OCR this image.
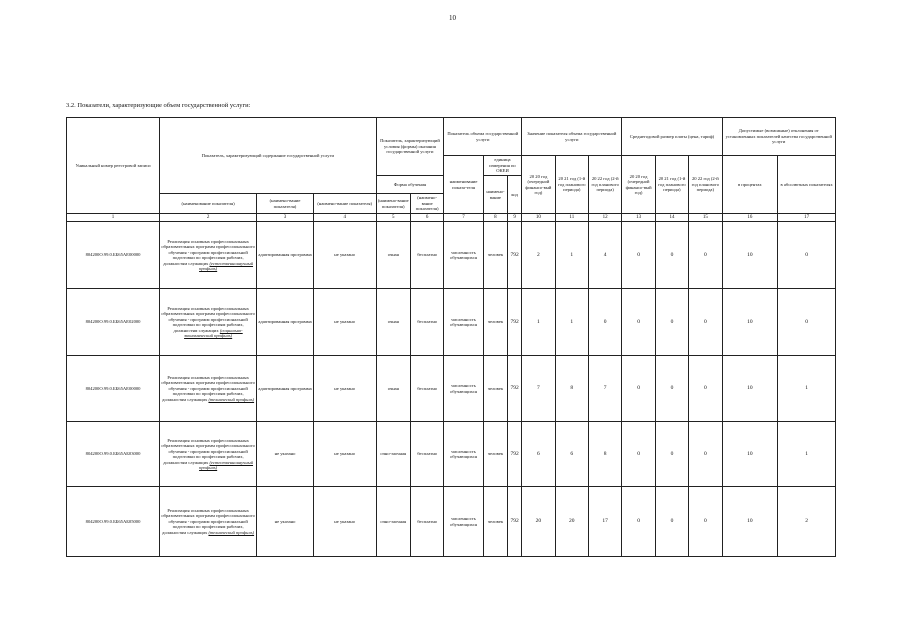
10
3.2. Показатели, характеризующие объем государственной услуги:
Уникальный номер реестровой записи	Показатель, характеризующий содержание государственной услуги			Показатель, характеризующий условия (формы) оказания государственной услуги		Показатель объема государственной услуги			Значение показателя объема государственной услуги			Среднегодовой размер платы (цена, тариф)			Допустимые (возможные) отклонения от установленных показателей качества государственной услуги	
						наименование показа-теля	единица измерения по ОКЕИ		20 20 год (очередной финансо-вый год)	20 21 год (1-й год планового периода)	20 22 год (2-й год планового периода)	20 20 год (очередной финансо-вый год)	20 21 год (1-й год планового периода)	20 22 год (2-й год планового периода)	в процентах	в абсолютных показателях
				Форма обучения			наимено-вание	код								
	(наименование показателя)	(наимено-вание показателя)	(наимено-вание показателя)	(наимено-вание показателя)	(наимено-вание показателя)											
1	2	3	4	5	6	7	8	9	10	11	12	13	14	15	16	17
804200О.99.0.ББ65АЕ00000	Реализация основных профессиональных образовательных программ профессионального обучения - программ профессиональной подготовки по профессиям рабочих, должностям служащих (естественнонаучный профиль)	адаптированная программа	не указано	очная	бесплатно	численность обучающихся	человек	792	2	1	4	0	0	0	10	0
804200О.99.0.ББ65АЕ02000	Реализация основных профессиональных образовательных программ профессионального обучения - программ профессиональной подготовки по профессиям рабочих, должностям служащих (социально-экономический профиль)	адаптированная программа	не указано	очная	бесплатно	численность обучающихся	человек	792	1	1	0	0	0	0	10	0
804200О.99.0.ББ65АЕ00000	Реализация основных профессиональных образовательных программ профессионального обучения - программ профессиональной подготовки по профессиям рабочих, должностям служащих (технический профиль)	адаптированная программа	не указано	очная	бесплатно	численность обучающихся	человек	792	7	8	7	0	0	0	10	1
804200О.99.0.ББ65АБ03000	Реализация основных профессиональных образовательных программ профессионального обучения - программ профессиональной подготовки по профессиям рабочих, должностям служащих (естественнонаучный профиль)	не указано	не указано	очно-заочная	бесплатно	численность обучающихся	человек	792	6	6	8	0	0	0	10	1
804200О.99.0.ББ65АБ05000	Реализация основных профессиональных образовательных программ профессионального обучения - программ профессиональной подготовки по профессиям рабочих, должностям служащих (технический профиль)	не указано	не указано	очно-заочная	бесплатно	численность обучающихся	человек	792	20	20	17	0	0	0	10	2
